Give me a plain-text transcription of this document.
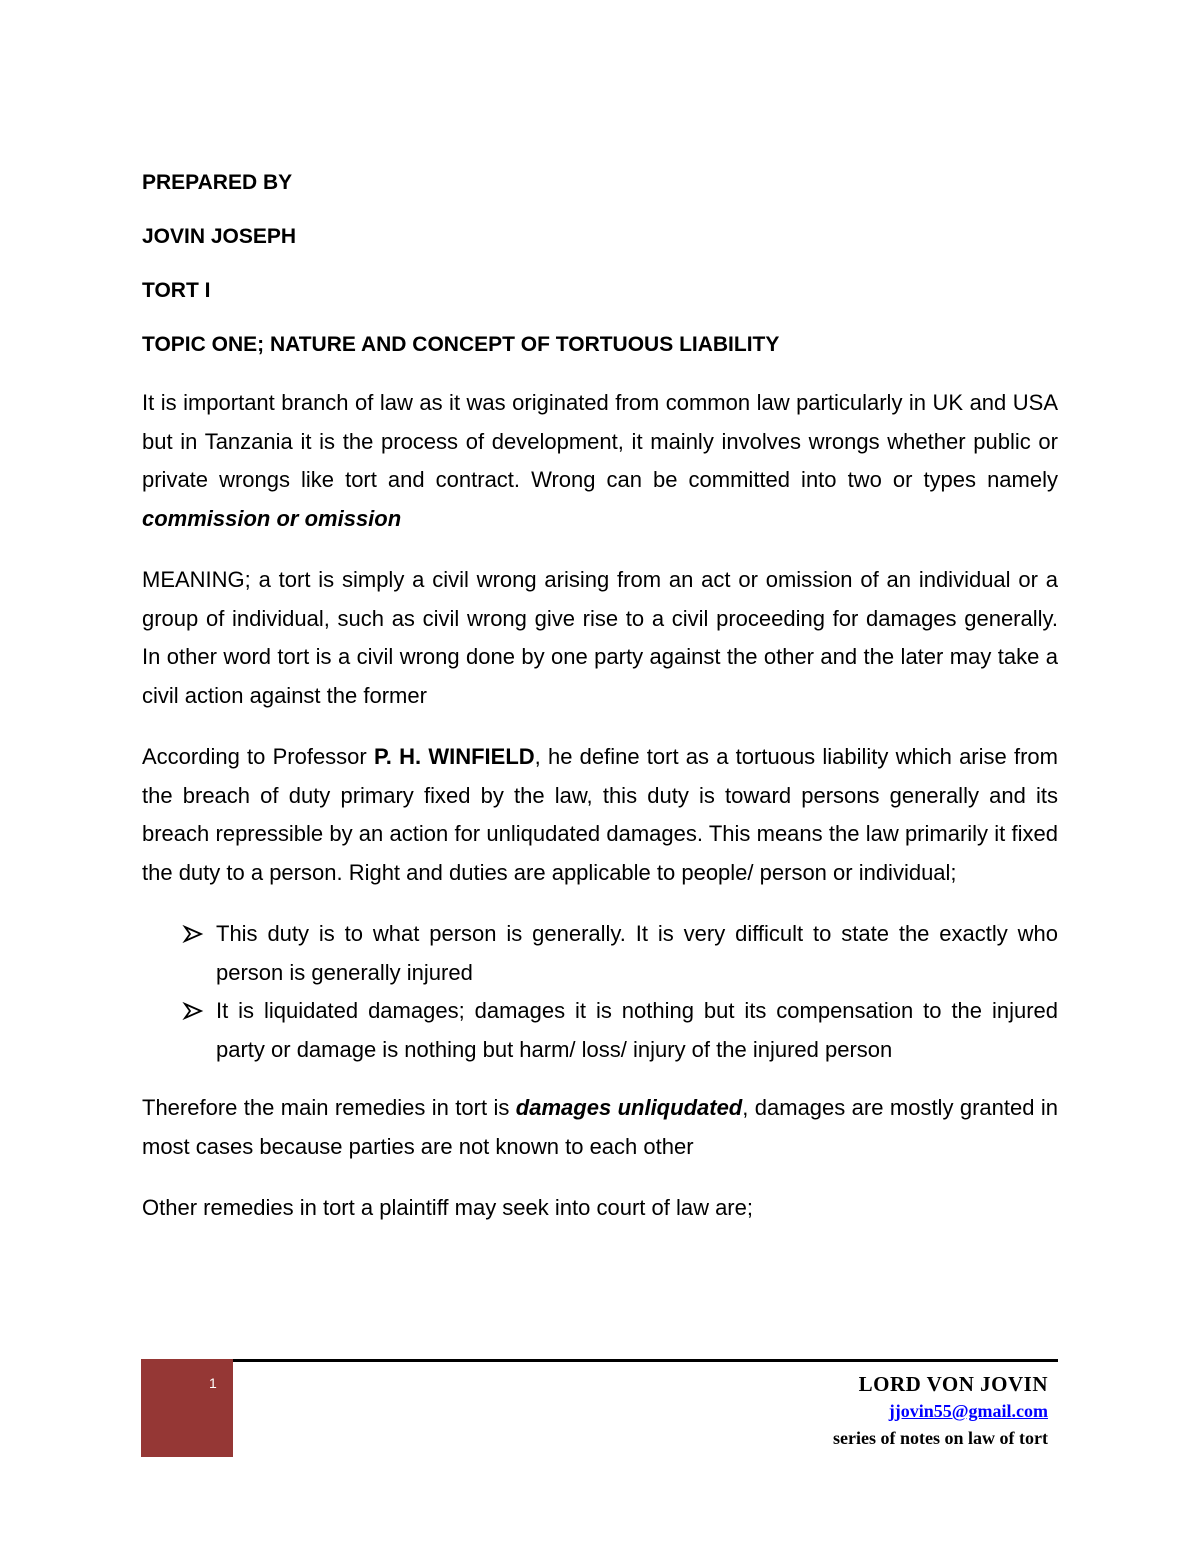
PREPARED BY

JOVIN JOSEPH

TORT I

TOPIC ONE; NATURE AND CONCEPT OF TORTUOUS LIABILITY

It is important branch of law as it was originated from common law particularly in UK and USA but in Tanzania it is the process of development, it mainly involves wrongs whether public or private wrongs like tort and contract. Wrong can be committed into two or types namely commission or omission

MEANING; a tort is simply a civil wrong arising from an act or omission of an individual or a group of individual, such as civil wrong give rise to a civil proceeding for damages generally. In other word tort is a civil wrong done by one party against the other and the later may take a civil action against the former

According to Professor P. H. WINFIELD, he define tort as a tortuous liability which arise from the breach of duty primary fixed by the law, this duty is toward persons generally and its breach repressible by an action for unliqudated damages. This means the law primarily it fixed the duty to a person. Right and duties are applicable to people/ person or individual;

This duty is to what person is generally. It is very difficult to state the exactly who person is generally injured
It is liquidated damages; damages it is nothing but its compensation to the injured party or damage is nothing but harm/ loss/ injury of the injured person

Therefore the main remedies in tort is damages unliqudated, damages are mostly granted in most cases because parties are not known to each other

Other remedies in tort a plaintiff may seek into court of law are;

1	LORD VON JOVIN
jjovin55@gmail.com
series of notes on law of tort
